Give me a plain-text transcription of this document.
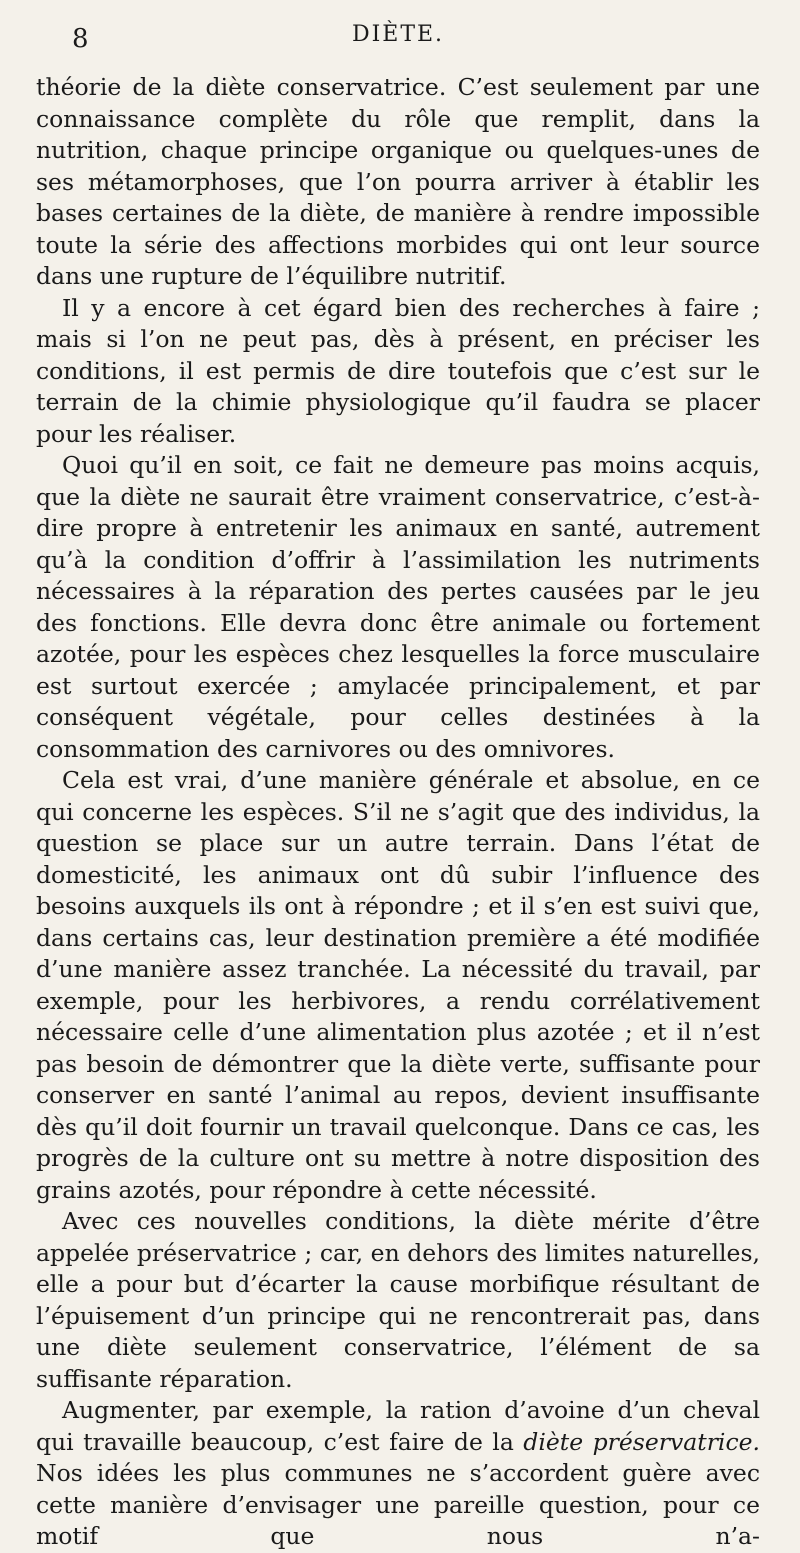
8	DIÈTE.

théorie de la diète conservatrice. C’est seulement par une connaissance complète du rôle que remplit, dans la nutrition, chaque principe organique ou quelques-unes de ses métamorphoses, que l’on pourra arriver à établir les bases certaines de la diète, de manière à rendre impossible toute la série des affections morbides qui ont leur source dans une rupture de l’équilibre nutritif.

Il y a encore à cet égard bien des recherches à faire ; mais si l’on ne peut pas, dès à présent, en préciser les conditions, il est permis de dire toutefois que c’est sur le terrain de la chimie physiologique qu’il faudra se placer pour les réaliser.

Quoi qu’il en soit, ce fait ne demeure pas moins acquis, que la diète ne saurait être vraiment conservatrice, c’est-à-dire propre à entretenir les animaux en santé, autrement qu’à la condition d’offrir à l’assimilation les nutriments nécessaires à la réparation des pertes causées par le jeu des fonctions. Elle devra donc être animale ou fortement azotée, pour les espèces chez lesquelles la force musculaire est surtout exercée ; amylacée principalement, et par conséquent végétale, pour celles destinées à la consommation des carnivores ou des omnivores.

Cela est vrai, d’une manière générale et absolue, en ce qui concerne les espèces. S’il ne s’agit que des individus, la question se place sur un autre terrain. Dans l’état de domesticité, les animaux ont dû subir l’influence des besoins auxquels ils ont à répondre ; et il s’en est suivi que, dans certains cas, leur destination première a été modifiée d’une manière assez tranchée. La nécessité du travail, par exemple, pour les herbivores, a rendu corrélativement nécessaire celle d’une alimentation plus azotée ; et il n’est pas besoin de démontrer que la diète verte, suffisante pour conserver en santé l’animal au repos, devient insuffisante dès qu’il doit fournir un travail quelconque. Dans ce cas, les progrès de la culture ont su mettre à notre disposition des grains azotés, pour répondre à cette nécessité.

Avec ces nouvelles conditions, la diète mérite d’être appelée préservatrice ; car, en dehors des limites naturelles, elle a pour but d’écarter la cause morbifique résultant de l’épuisement d’un principe qui ne rencontrerait pas, dans une diète seulement conservatrice, l’élément de sa suffisante réparation.

Augmenter, par exemple, la ration d’avoine d’un cheval qui travaille beaucoup, c’est faire de la diète préservatrice. Nos idées les plus communes ne s’accordent guère avec cette manière d’envisager une pareille question, pour ce motif que nous n’a-
